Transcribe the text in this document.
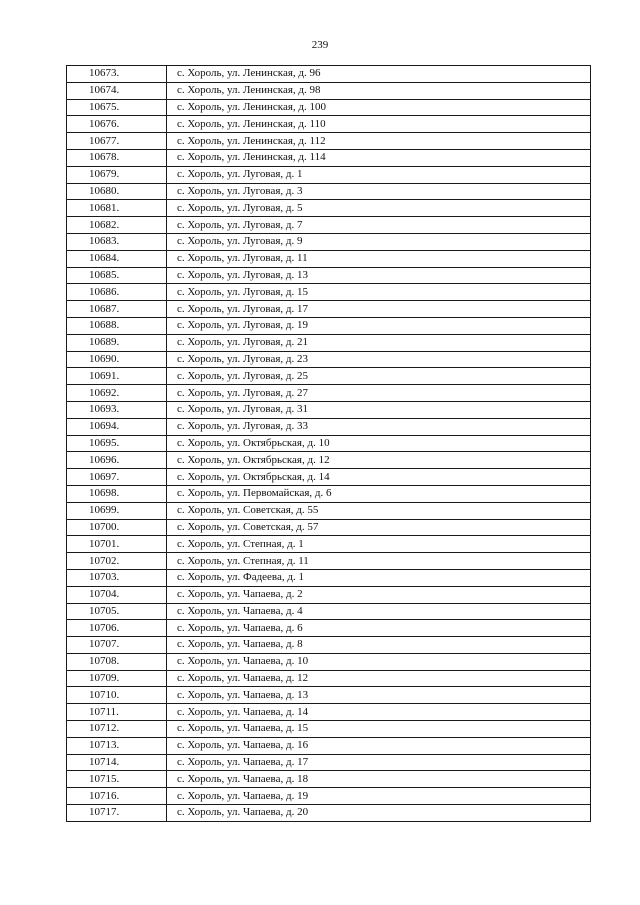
239
10673.	с. Хороль, ул. Ленинская, д. 96
10674.	с. Хороль, ул. Ленинская, д. 98
10675.	с. Хороль, ул. Ленинская, д. 100
10676.	с. Хороль, ул. Ленинская, д. 110
10677.	с. Хороль, ул. Ленинская, д. 112
10678.	с. Хороль, ул. Ленинская, д. 114
10679.	с. Хороль, ул. Луговая, д. 1
10680.	с. Хороль, ул. Луговая, д. 3
10681.	с. Хороль, ул. Луговая, д. 5
10682.	с. Хороль, ул. Луговая, д. 7
10683.	с. Хороль, ул. Луговая, д. 9
10684.	с. Хороль, ул. Луговая, д. 11
10685.	с. Хороль, ул. Луговая, д. 13
10686.	с. Хороль, ул. Луговая, д. 15
10687.	с. Хороль, ул. Луговая, д. 17
10688.	с. Хороль, ул. Луговая, д. 19
10689.	с. Хороль, ул. Луговая, д. 21
10690.	с. Хороль, ул. Луговая, д. 23
10691.	с. Хороль, ул. Луговая, д. 25
10692.	с. Хороль, ул. Луговая, д. 27
10693.	с. Хороль, ул. Луговая, д. 31
10694.	с. Хороль, ул. Луговая, д. 33
10695.	с. Хороль, ул. Октябрьская, д. 10
10696.	с. Хороль, ул. Октябрьская, д. 12
10697.	с. Хороль, ул. Октябрьская, д. 14
10698.	с. Хороль, ул. Первомайская, д. 6
10699.	с. Хороль, ул. Советская, д. 55
10700.	с. Хороль, ул. Советская, д. 57
10701.	с. Хороль, ул. Степная, д. 1
10702.	с. Хороль, ул. Степная, д. 11
10703.	с. Хороль, ул. Фадеева, д. 1
10704.	с. Хороль, ул. Чапаева, д. 2
10705.	с. Хороль, ул. Чапаева, д. 4
10706.	с. Хороль, ул. Чапаева, д. 6
10707.	с. Хороль, ул. Чапаева, д. 8
10708.	с. Хороль, ул. Чапаева, д. 10
10709.	с. Хороль, ул. Чапаева, д. 12
10710.	с. Хороль, ул. Чапаева, д. 13
10711.	с. Хороль, ул. Чапаева, д. 14
10712.	с. Хороль, ул. Чапаева, д. 15
10713.	с. Хороль, ул. Чапаева, д. 16
10714.	с. Хороль, ул. Чапаева, д. 17
10715.	с. Хороль, ул. Чапаева, д. 18
10716.	с. Хороль, ул. Чапаева, д. 19
10717.	с. Хороль, ул. Чапаева, д. 20
